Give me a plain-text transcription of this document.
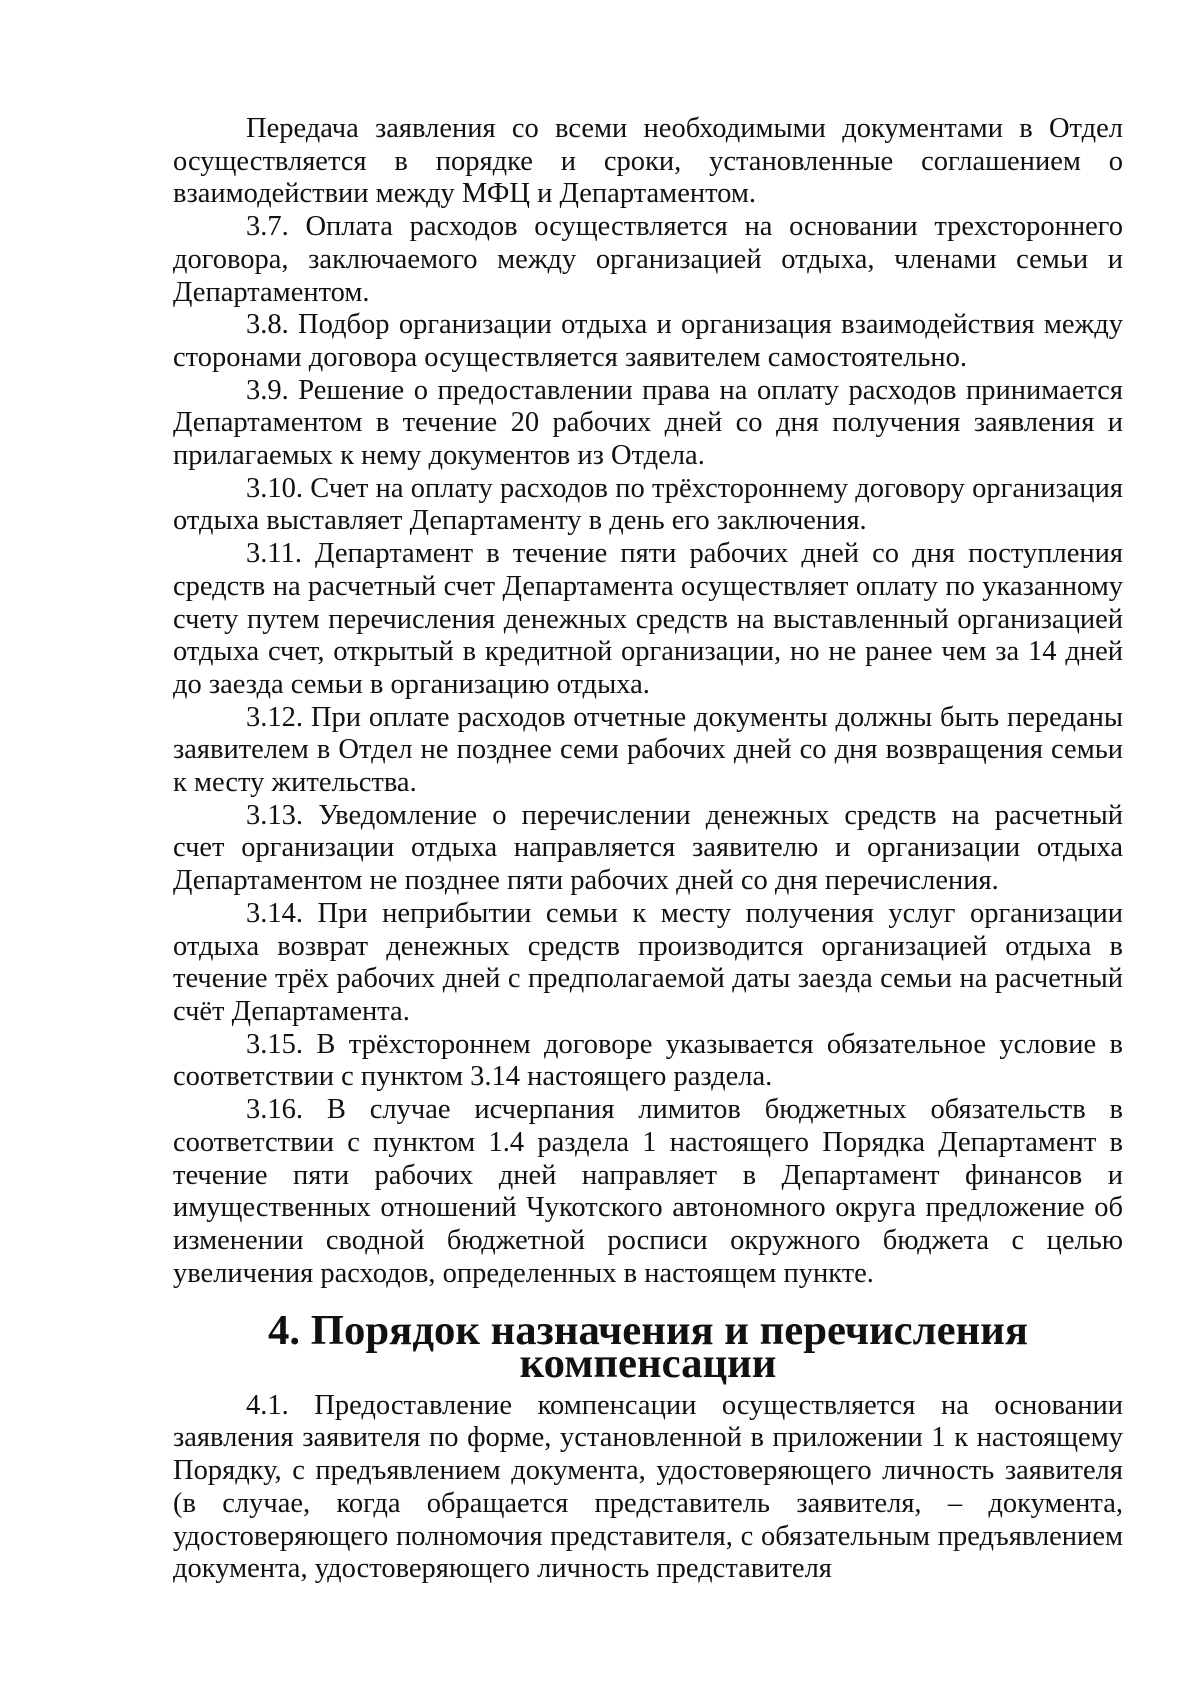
Передача заявления со всеми необходимыми документами в Отдел осуществляется в порядке и сроки, установленные соглашением о взаимодействии между МФЦ и Департаментом.

3.7. Оплата расходов осуществляется на основании трехстороннего договора, заключаемого между организацией отдыха, членами семьи и Департаментом.

3.8. Подбор организации отдыха и организация взаимодействия между сторонами договора осуществляется заявителем самостоятельно.

3.9. Решение о предоставлении права на оплату расходов принимается Департаментом в течение 20 рабочих дней со дня получения заявления и прилагаемых к нему документов из Отдела.

3.10. Счет на оплату расходов по трёхстороннему договору организация отдыха выставляет Департаменту в день его заключения.

3.11. Департамент в течение пяти рабочих дней со дня поступления средств на расчетный счет Департамента осуществляет оплату по указанному счету путем перечисления денежных средств на выставленный организацией отдыха счет, открытый в кредитной организации, но не ранее чем за 14 дней до заезда семьи в организацию отдыха.

3.12. При оплате расходов отчетные документы должны быть переданы заявителем в Отдел не позднее семи рабочих дней со дня возвращения семьи к месту жительства.

3.13. Уведомление о перечислении денежных средств на расчетный счет организации отдыха направляется заявителю и организации отдыха Департаментом не позднее пяти рабочих дней со дня перечисления.

3.14. При неприбытии семьи к месту получения услуг организации отдыха возврат денежных средств производится организацией отдыха в течение трёх рабочих дней с предполагаемой даты заезда семьи на расчетный счёт Департамента.

3.15. В трёхстороннем договоре указывается обязательное условие в соответствии с пунктом 3.14 настоящего раздела.

3.16. В случае исчерпания лимитов бюджетных обязательств в соответствии с пунктом 1.4 раздела 1 настоящего Порядка Департамент в течение пяти рабочих дней направляет в Департамент финансов и имущественных отношений Чукотского автономного округа предложение об изменении сводной бюджетной росписи окружного бюджета с целью увеличения расходов, определенных в настоящем пункте.

4. Порядок назначения и перечисления компенсации

4.1. Предоставление компенсации осуществляется на основании заявления заявителя по форме, установленной в приложении 1 к настоящему Порядку, с предъявлением документа, удостоверяющего личность заявителя (в случае, когда обращается представитель заявителя, – документа, удостоверяющего полномочия представителя, с обязательным предъявлением документа, удостоверяющего личность представителя
